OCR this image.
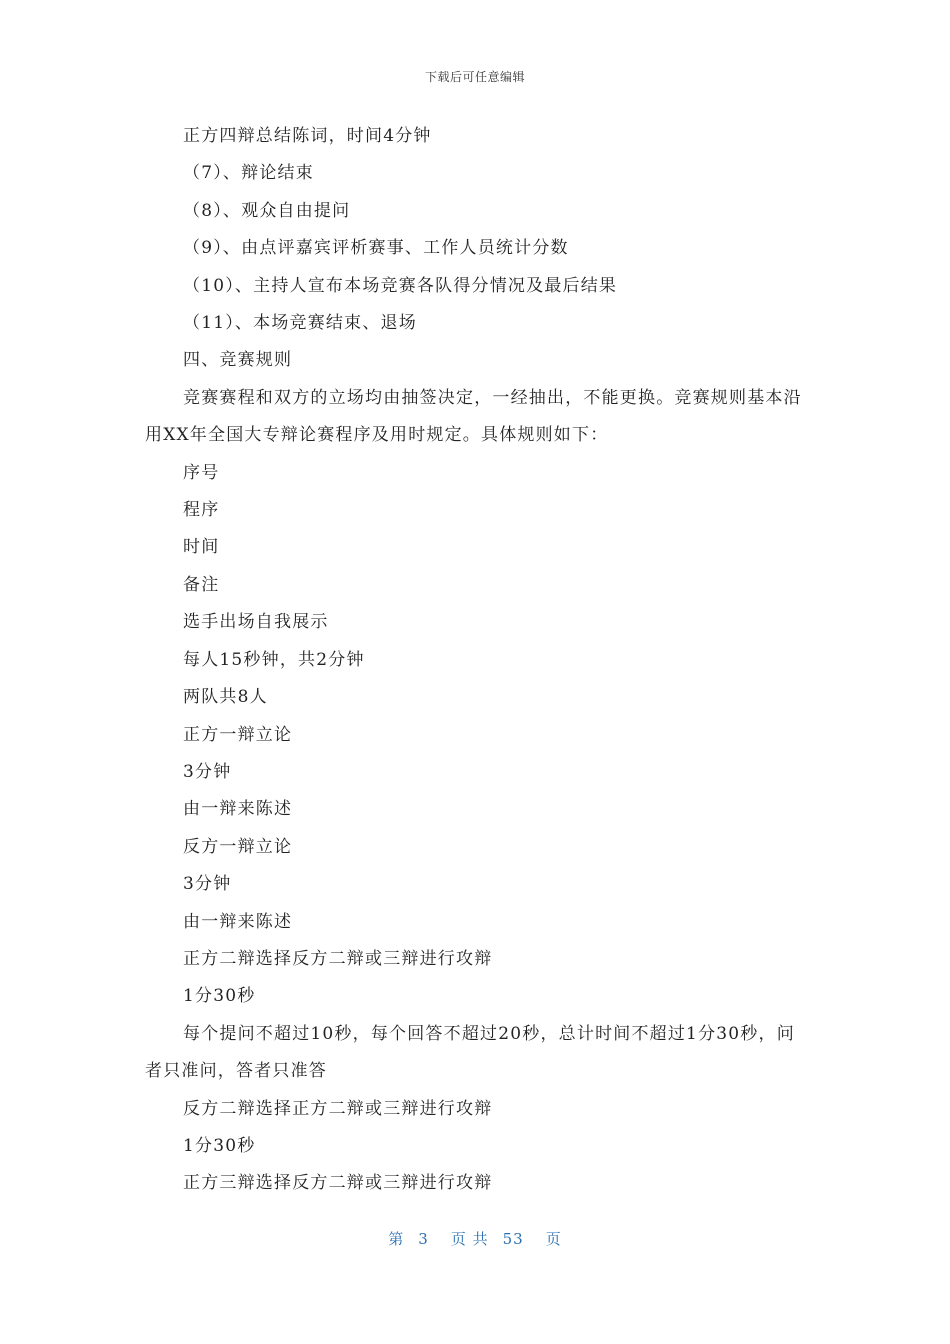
下载后可任意编辑

正方四辩总结陈词，时间4分钟

（7）、辩论结束

（8）、观众自由提问

（9）、由点评嘉宾评析赛事、工作人员统计分数

（10）、主持人宣布本场竞赛各队得分情况及最后结果

（11）、本场竞赛结束、退场

四、竞赛规则

竞赛赛程和双方的立场均由抽签决定，一经抽出，不能更换。竞赛规则基本沿用XX年全国大专辩论赛程序及用时规定。具体规则如下：

序号

程序

时间

备注

选手出场自我展示

每人15秒钟，共2分钟

两队共8人

正方一辩立论

3分钟

由一辩来陈述

反方一辩立论

3分钟

由一辩来陈述

正方二辩选择反方二辩或三辩进行攻辩

1分30秒

每个提问不超过10秒，每个回答不超过20秒，总计时间不超过1分30秒，问者只准问，答者只准答

反方二辩选择正方二辩或三辩进行攻辩

1分30秒

正方三辩选择反方二辩或三辩进行攻辩

第 3 页 共 53 页
